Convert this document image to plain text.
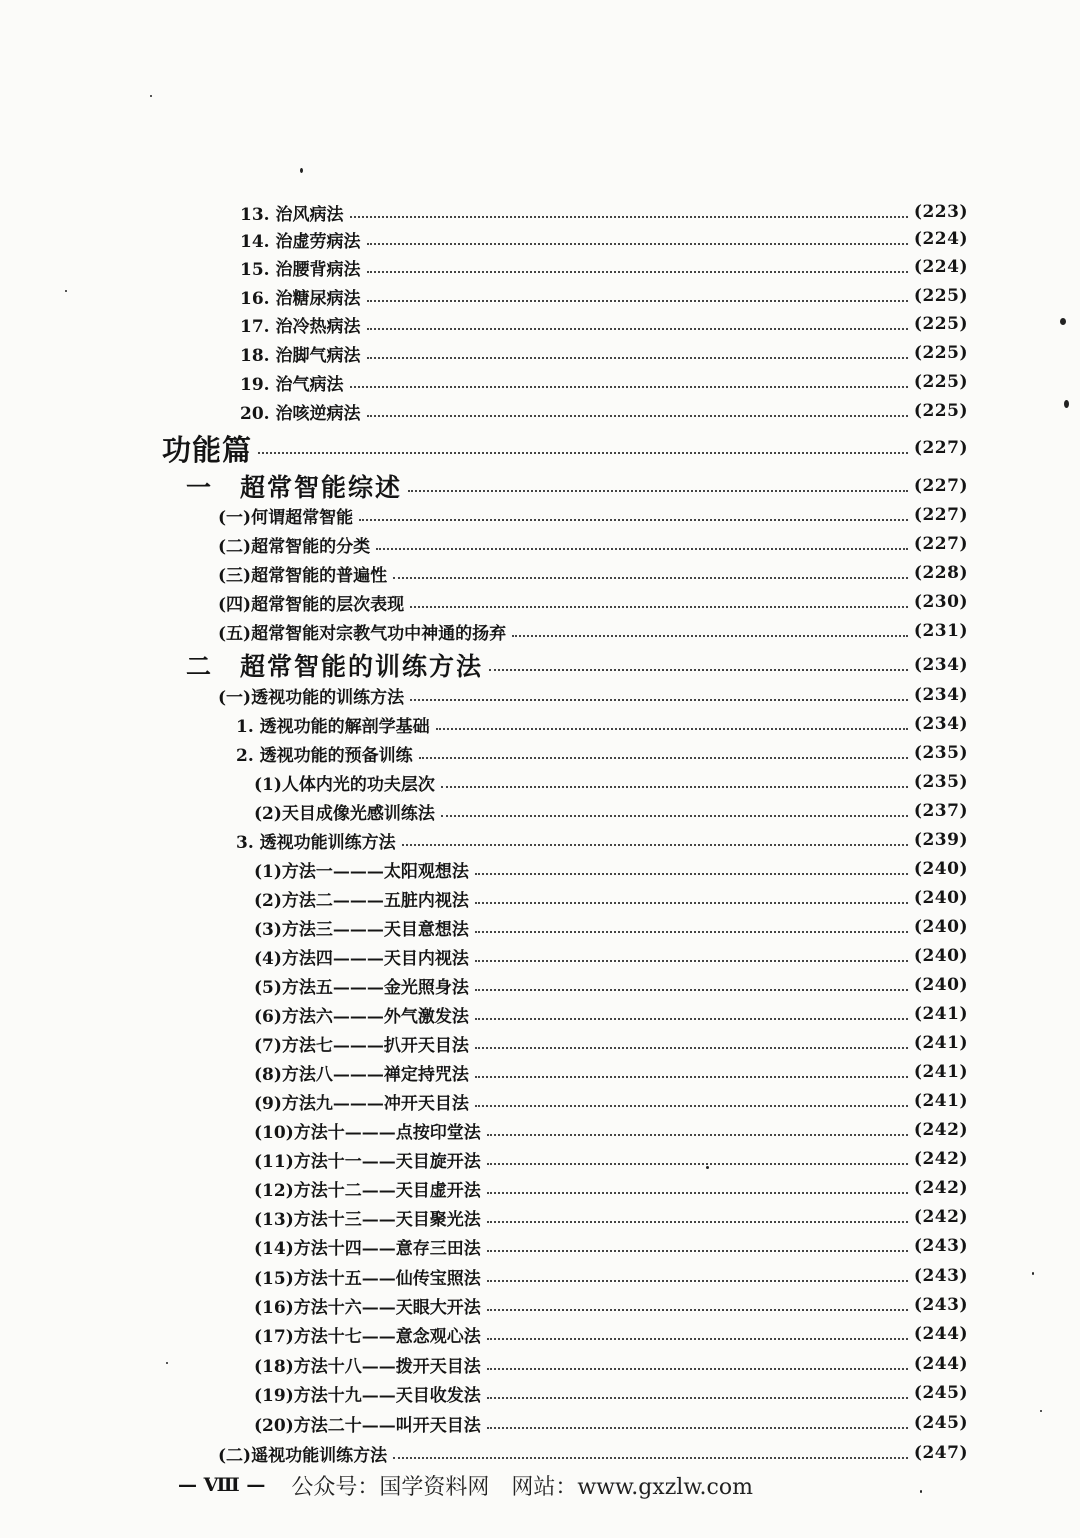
13. 治风病法	(223)
14. 治虚劳病法	(224)
15. 治腰背病法	(224)
16. 治糖尿病法	(225)
17. 治冷热病法	(225)
18. 治脚气病法	(225)
19. 治气病法	(225)
20. 治咳逆病法	(225)
功能篇	(227)
一 超常智能综述	(227)
(一)何谓超常智能	(227)
(二)超常智能的分类	(227)
(三)超常智能的普遍性	(228)
(四)超常智能的层次表现	(230)
(五)超常智能对宗教气功中神通的扬弃	(231)
二 超常智能的训练方法	(234)
(一)透视功能的训练方法	(234)
1. 透视功能的解剖学基础	(234)
2. 透视功能的预备训练	(235)
(1)人体内光的功夫层次	(235)
(2)天目成像光感训练法	(237)
3. 透视功能训练方法	(239)
(1)方法一———太阳观想法	(240)
(2)方法二———五脏内视法	(240)
(3)方法三———天目意想法	(240)
(4)方法四———天目内视法	(240)
(5)方法五———金光照身法	(240)
(6)方法六———外气激发法	(241)
(7)方法七———扒开天目法	(241)
(8)方法八———禅定持咒法	(241)
(9)方法九———冲开天目法	(241)
(10)方法十———点按印堂法	(242)
(11)方法十一——天目旋开法	(242)
(12)方法十二——天目虚开法	(242)
(13)方法十三——天目聚光法	(242)
(14)方法十四——意存三田法	(243)
(15)方法十五——仙传宝照法	(243)
(16)方法十六——天眼大开法	(243)
(17)方法十七——意念观心法	(244)
(18)方法十八——拨开天目法	(244)
(19)方法十九——天目收发法	(245)
(20)方法二十——叫开天目法	(245)
(二)遥视功能训练方法	(247)
— Ⅷ — 公众号：国学资料网　网站：www.gxzlw.com
